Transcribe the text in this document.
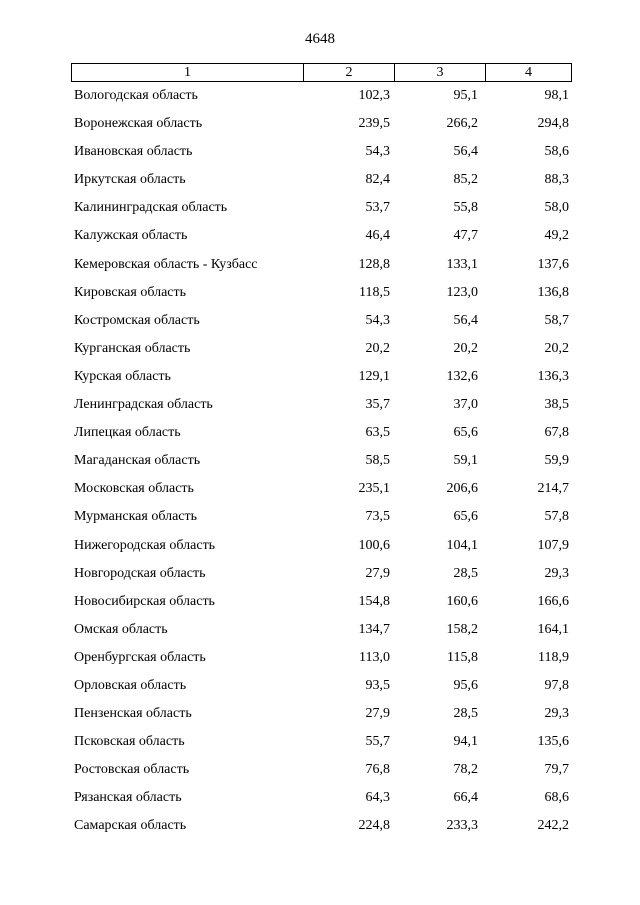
4648
1	2	3	4
Вологодская область	102,3	95,1	98,1
Воронежская область	239,5	266,2	294,8
Ивановская область	54,3	56,4	58,6
Иркутская область	82,4	85,2	88,3
Калининградская область	53,7	55,8	58,0
Калужская область	46,4	47,7	49,2
Кемеровская область - Кузбасс	128,8	133,1	137,6
Кировская область	118,5	123,0	136,8
Костромская область	54,3	56,4	58,7
Курганская область	20,2	20,2	20,2
Курская область	129,1	132,6	136,3
Ленинградская область	35,7	37,0	38,5
Липецкая область	63,5	65,6	67,8
Магаданская область	58,5	59,1	59,9
Московская область	235,1	206,6	214,7
Мурманская область	73,5	65,6	57,8
Нижегородская область	100,6	104,1	107,9
Новгородская область	27,9	28,5	29,3
Новосибирская область	154,8	160,6	166,6
Омская область	134,7	158,2	164,1
Оренбургская область	113,0	115,8	118,9
Орловская область	93,5	95,6	97,8
Пензенская область	27,9	28,5	29,3
Псковская область	55,7	94,1	135,6
Ростовская область	76,8	78,2	79,7
Рязанская область	64,3	66,4	68,6
Самарская область	224,8	233,3	242,2
